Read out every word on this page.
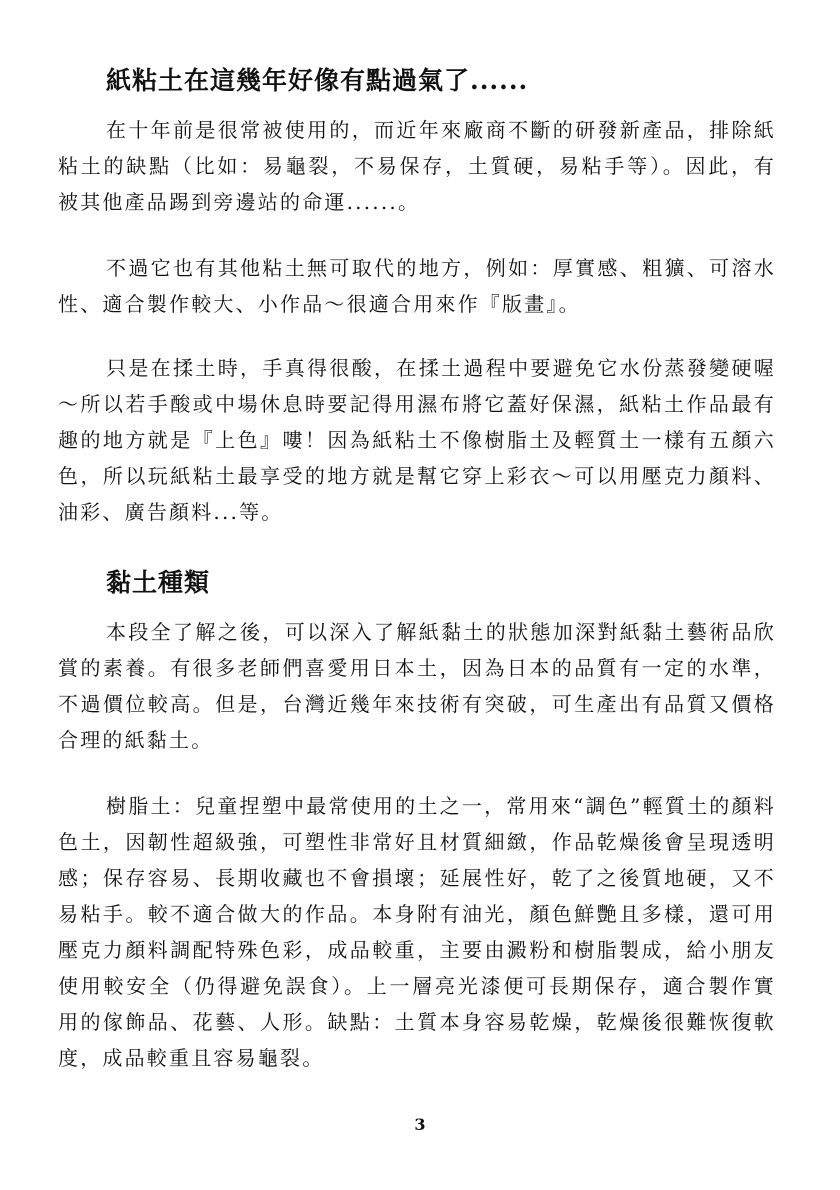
紙粘土在這幾年好像有點過氣了......

在十年前是很常被使用的，而近年來廠商不斷的研發新產品，排除紙粘土的缺點（比如：易龜裂，不易保存，土質硬，易粘手等）。因此，有被其他產品踢到旁邊站的命運......。

不過它也有其他粘土無可取代的地方，例如：厚實感、粗獷、可溶水性、適合製作較大、小作品～很適合用來作『版畫』。

只是在揉土時，手真得很酸，在揉土過程中要避免它水份蒸發變硬喔～所以若手酸或中場休息時要記得用濕布將它蓋好保濕，紙粘土作品最有趣的地方就是『上色』嘍！因為紙粘土不像樹脂土及輕質土一樣有五顏六色，所以玩紙粘土最享受的地方就是幫它穿上彩衣～可以用壓克力顏料、油彩、廣告顏料...等。

黏土種類

本段全了解之後，可以深入了解紙黏土的狀態加深對紙黏土藝術品欣賞的素養。有很多老師們喜愛用日本土，因為日本的品質有一定的水準，不過價位較高。但是，台灣近幾年來技術有突破，可生產出有品質又價格合理的紙黏土。

樹脂土：兒童捏塑中最常使用的土之一，常用來“調色”輕質土的顏料色土，因韌性超級強，可塑性非常好且材質細緻，作品乾燥後會呈現透明感；保存容易、長期收藏也不會損壞；延展性好，乾了之後質地硬，又不易粘手。較不適合做大的作品。本身附有油光，顏色鮮艷且多樣，還可用壓克力顏料調配特殊色彩，成品較重，主要由澱粉和樹脂製成，給小朋友使用較安全（仍得避免誤食）。上一層亮光漆便可長期保存，適合製作實用的傢飾品、花藝、人形。缺點：土質本身容易乾燥，乾燥後很難恢復軟度，成品較重且容易龜裂。

3
